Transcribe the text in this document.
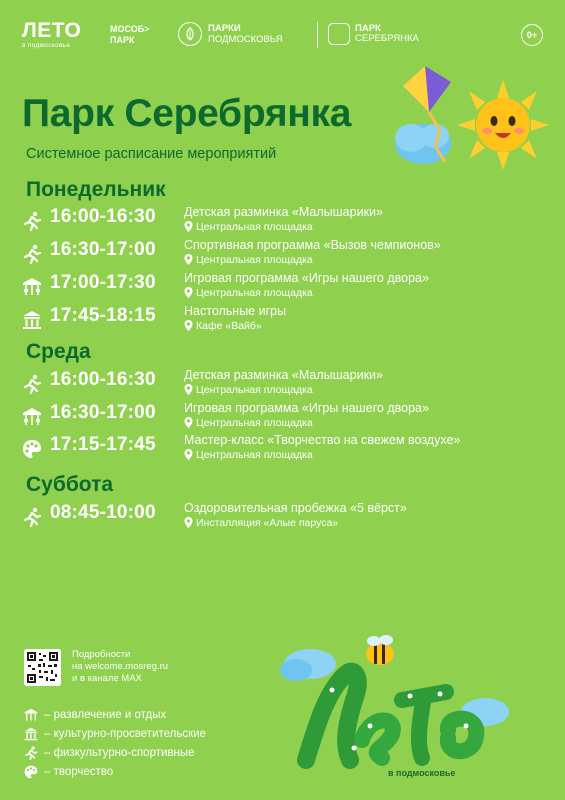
ЛЕТО
в подмосковье
МОСОБ>
ПАРК
ПАРКИ
ПОДМОСКОВЬЯ
ПАРК
СЕРЕБРЯНКА	0+
Парк Серебрянка
Системное расписание мероприятий
Понедельник
16:00-16:30 Детская разминка «Малышарики»
Центральная площадка
16:30-17:00 Спортивная программа «Вызов чемпионов»
Центральная площадка
17:00-17:30 Игровая программа «Игры нашего двора»
Центральная площадка
17:45-18:15 Настольные игры
Кафе «Вайб»
Среда
16:00-16:30 Детская разминка «Малышарики»
Центральная площадка
16:30-17:00 Игровая программа «Игры нашего двора»
Центральная площадка
17:15-17:45 Мастер-класс «Творчество на свежем воздухе»
Центральная площадка
Суббота
08:45-10:00 Оздоровительная пробежка «5 вёрст»
Инсталляция «Алые паруса»
Подробности
на welcome.mosreg.ru
и в канале MAX
– развлечение и отдых
– культурно-просветительские
– физкультурно-спортивные
– творчество	в подмосковье
